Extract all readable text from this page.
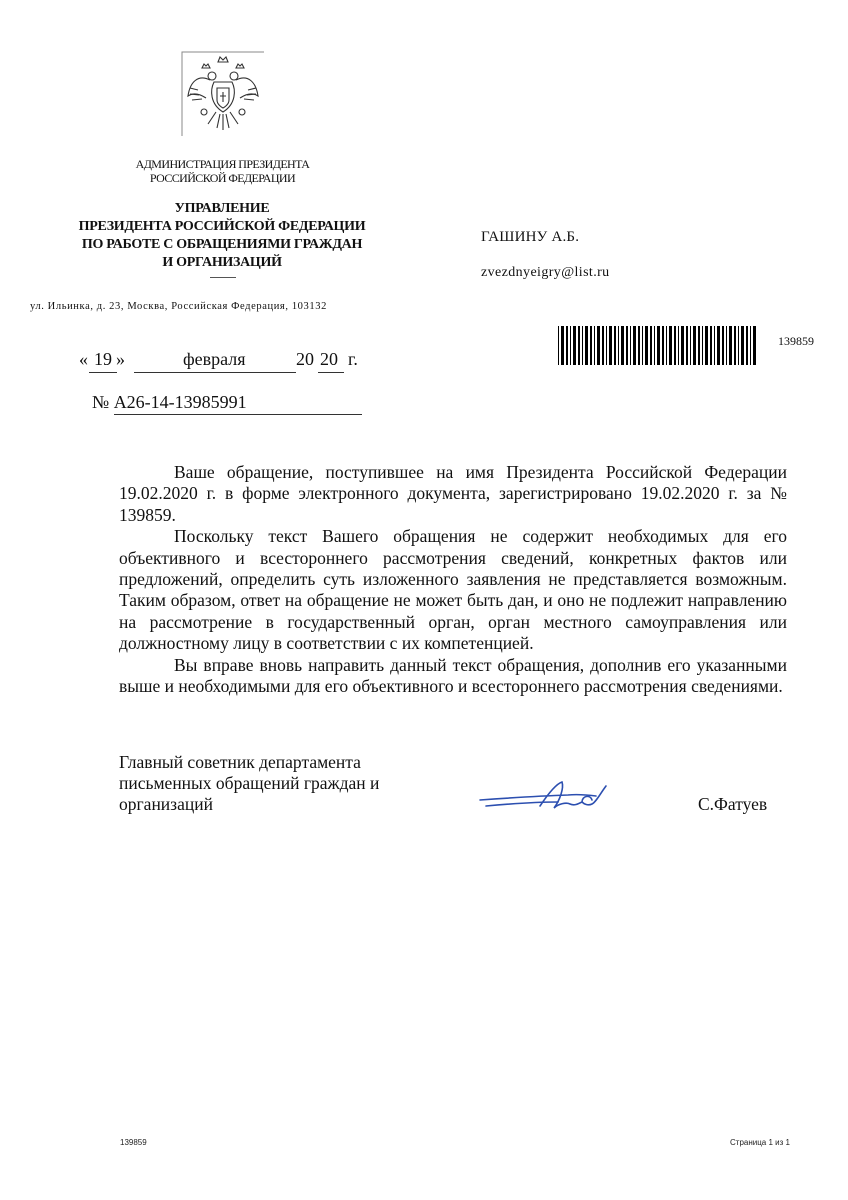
АДМИНИСТРАЦИЯ ПРЕЗИДЕНТА
РОССИЙСКОЙ ФЕДЕРАЦИИ
УПРАВЛЕНИЕ
ПРЕЗИДЕНТА РОССИЙСКОЙ ФЕДЕРАЦИИ
ПО РАБОТЕ С ОБРАЩЕНИЯМИ ГРАЖДАН
И ОРГАНИЗАЦИЙ
ул. Ильинка, д. 23, Москва, Российская Федерация, 103132
ГАШИНУ А.Б.
zvezdnyeigry@list.ru
139859
« 19 »	февраля	20 20 г.
№ А26-14-13985991

Ваше обращение, поступившее на имя Президента Российской Федерации 19.02.2020 г. в форме электронного документа, зарегистрировано 19.02.2020 г. за № 139859.

Поскольку текст Вашего обращения не содержит необходимых для его объективного и всестороннего рассмотрения сведений, конкретных фактов или предложений, определить суть изложенного заявления не представляется возможным. Таким образом, ответ на обращение не может быть дан, и оно не подлежит направлению на рассмотрение в государственный орган, орган местного самоуправления или должностному лицу в соответствии с их компетенцией.

Вы вправе вновь направить данный текст обращения, дополнив его указанными выше и необходимыми для его объективного и всестороннего рассмотрения сведениями.

Главный советник департамента
письменных обращений граждан и
организаций	С.Фатуев
139859	Страница 1 из 1
